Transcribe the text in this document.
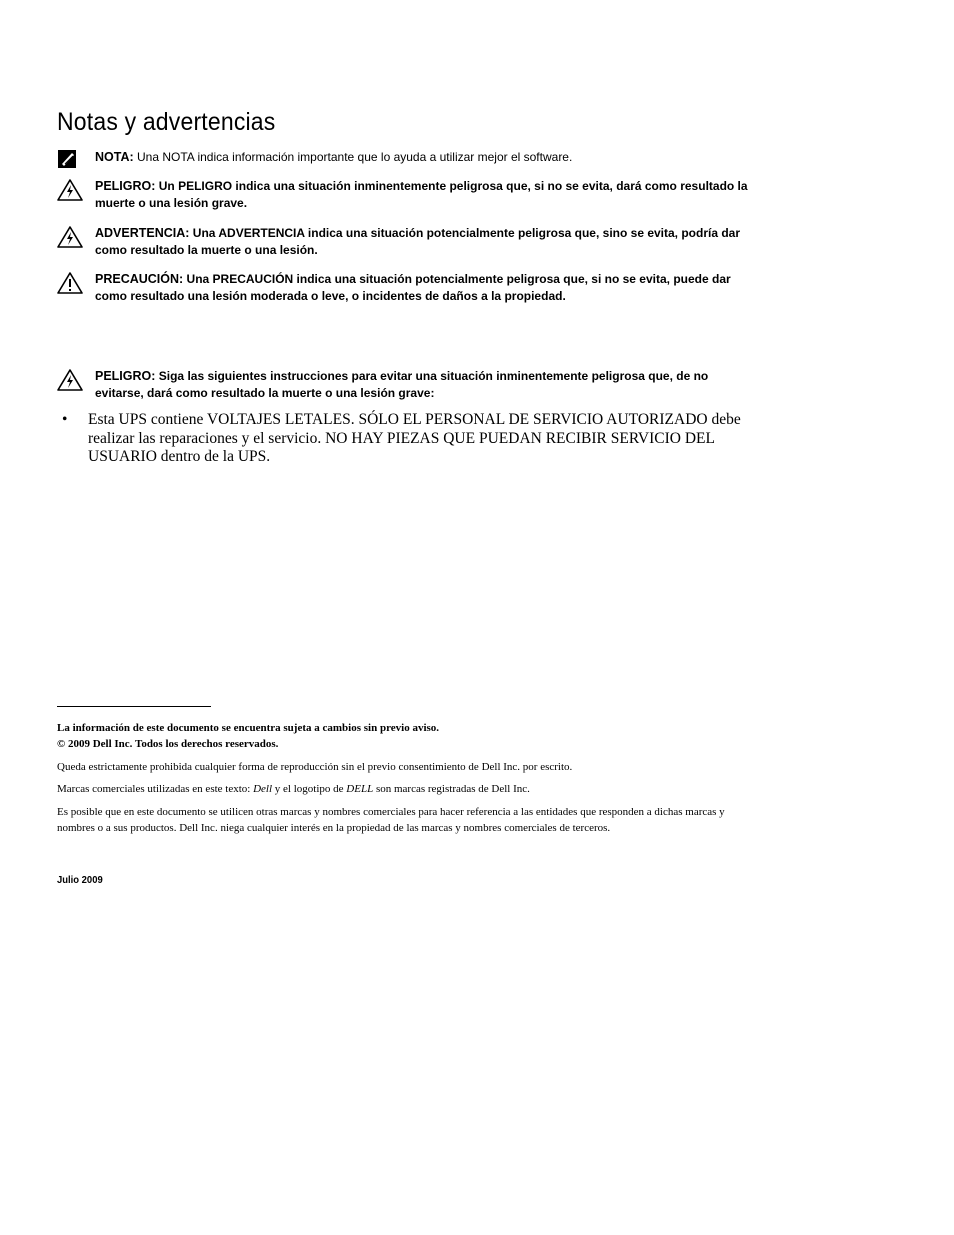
Notas y advertencias
NOTA: Una NOTA indica información importante que lo ayuda a utilizar mejor el software.
PELIGRO: Un PELIGRO indica una situación inminentemente peligrosa que, si no se evita, dará como resultado la muerte o una lesión grave.
ADVERTENCIA: Una ADVERTENCIA indica una situación potencialmente peligrosa que, sino se evita, podría dar como resultado la muerte o una lesión.
PRECAUCIÓN: Una PRECAUCIÓN indica una situación potencialmente peligrosa que, si no se evita, puede dar como resultado una lesión moderada o leve, o incidentes de daños a la propiedad.
PELIGRO: Siga las siguientes instrucciones para evitar una situación inminentemente peligrosa que, de no evitarse, dará como resultado la muerte o una lesión grave:
• Esta UPS contiene VOLTAJES LETALES. SÓLO EL PERSONAL DE SERVICIO AUTORIZADO debe realizar las reparaciones y el servicio. NO HAY PIEZAS QUE PUEDAN RECIBIR SERVICIO DEL USUARIO dentro de la UPS.
La información de este documento se encuentra sujeta a cambios sin previo aviso.
© 2009 Dell Inc. Todos los derechos reservados.
Queda estrictamente prohibida cualquier forma de reproducción sin el previo consentimiento de Dell Inc. por escrito.
Marcas comerciales utilizadas en este texto: Dell y el logotipo de DELL son marcas registradas de Dell Inc.
Es posible que en este documento se utilicen otras marcas y nombres comerciales para hacer referencia a las entidades que responden a dichas marcas y nombres o a sus productos. Dell Inc. niega cualquier interés en la propiedad de las marcas y nombres comerciales de terceros.
Julio 2009
